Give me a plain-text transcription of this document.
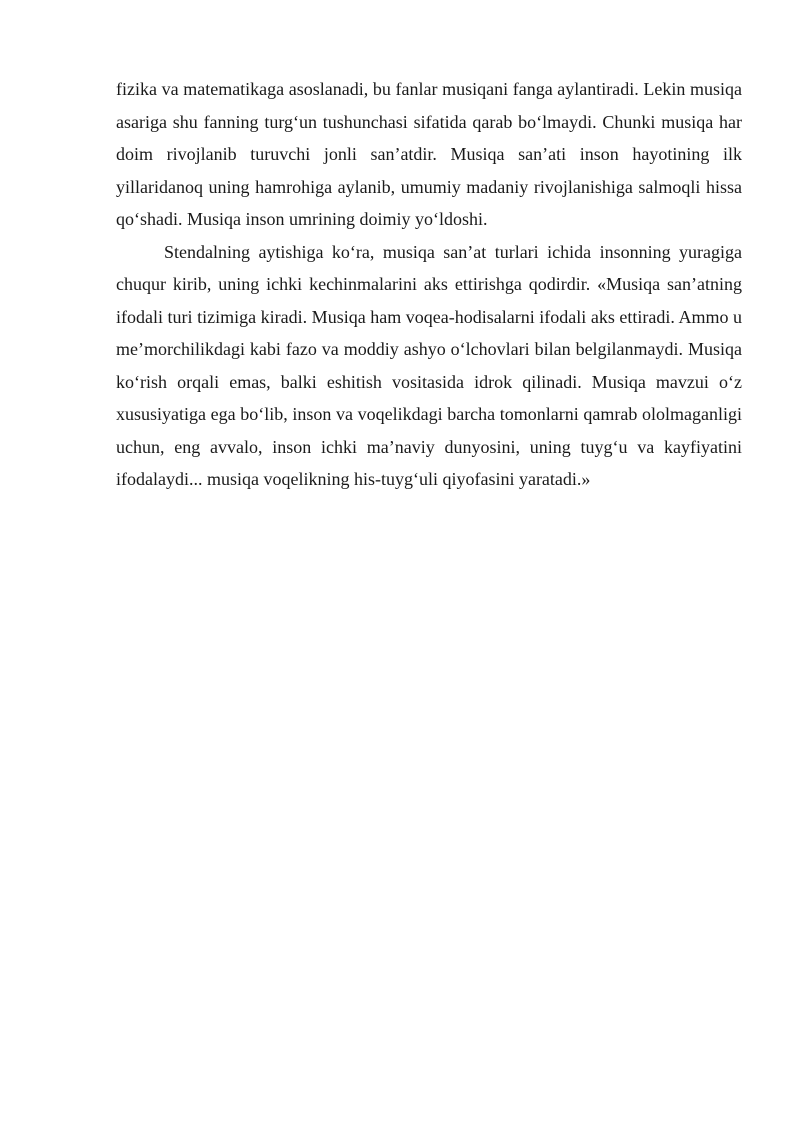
fizika va matematikaga asoslanadi, bu fanlar musiqani fanga aylantiradi. Lekin musiqa asariga shu fanning turg‘un tushunchasi sifatida qarab bo‘lmaydi. Chunki musiqa har doim rivojlanib turuvchi jonli san’atdir. Musiqa san’ati inson hayotining ilk yillaridanoq uning hamrohiga aylanib, umumiy madaniy rivojlanishiga salmoqli hissa qo‘shadi. Musiqa inson umrining doimiy yo‘ldoshi.

Stendalning aytishiga ko‘ra, musiqa san’at turlari ichida insonning yuragiga chuqur kirib, uning ichki kechinmalarini aks ettirishga qodirdir. «Musiqa san’atning ifodali turi tizimiga kiradi. Musiqa ham voqea-hodisalarni ifodali aks ettiradi. Ammo u me’morchilikdagi kabi fazo va moddiy ashyo o‘lchovlari bilan belgilanmaydi. Musiqa ko‘rish orqali emas, balki eshitish vositasida idrok qilinadi. Musiqa mavzui o‘z xususiyatiga ega bo‘lib, inson va voqelikdagi barcha tomonlarni qamrab ololmaganligi uchun, eng avvalo, inson ichki ma’naviy dunyosini, uning tuyg‘u va kayfiyatini ifodalaydi... musiqa voqelikning his-tuyg‘uli qiyofasini yaratadi.»
